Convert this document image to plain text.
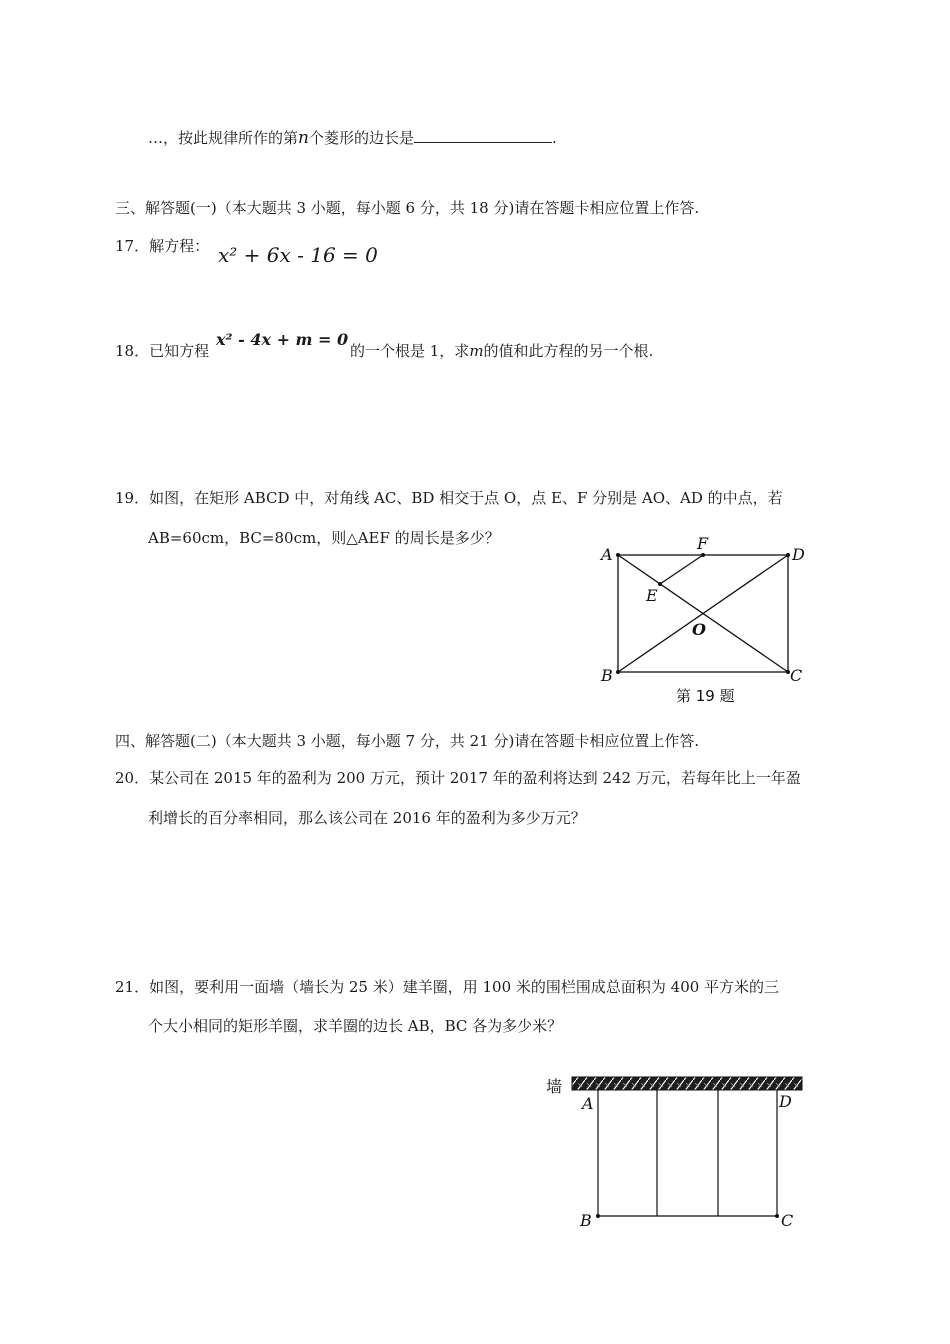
…，按此规律所作的第n个菱形的边长是	.
三、解答题(一)（本大题共 3 小题，每小题 6 分，共 18 分)请在答题卡相应位置上作答.
17．解方程： x² + 6x - 16 = 0
18．已知方程
x² - 4x + m = 0
的一个根是 1，求m的值和此方程的另一个根.
19．如图，在矩形 ABCD 中，对角线 AC、BD 相交于点 O，点 E、F 分别是 AO、AD 的中点，若
AB=60cm，BC=80cm，则△AEF 的周长是多少？
A
F
D
E
O
B	C
第 19 题
四、解答题(二)（本大题共 3 小题，每小题 7 分，共 21 分)请在答题卡相应位置上作答.
20．某公司在 2015 年的盈利为 200 万元，预计 2017 年的盈利将达到 242 万元，若每年比上一年盈
利增长的百分率相同，那么该公司在 2016 年的盈利为多少万元？
21．如图，要利用一面墙（墙长为 25 米）建羊圈，用 100 米的围栏围成总面积为 400 平方米的三
个大小相同的矩形羊圈，求羊圈的边长 AB，BC 各为多少米？
墙
A	D
B	C
